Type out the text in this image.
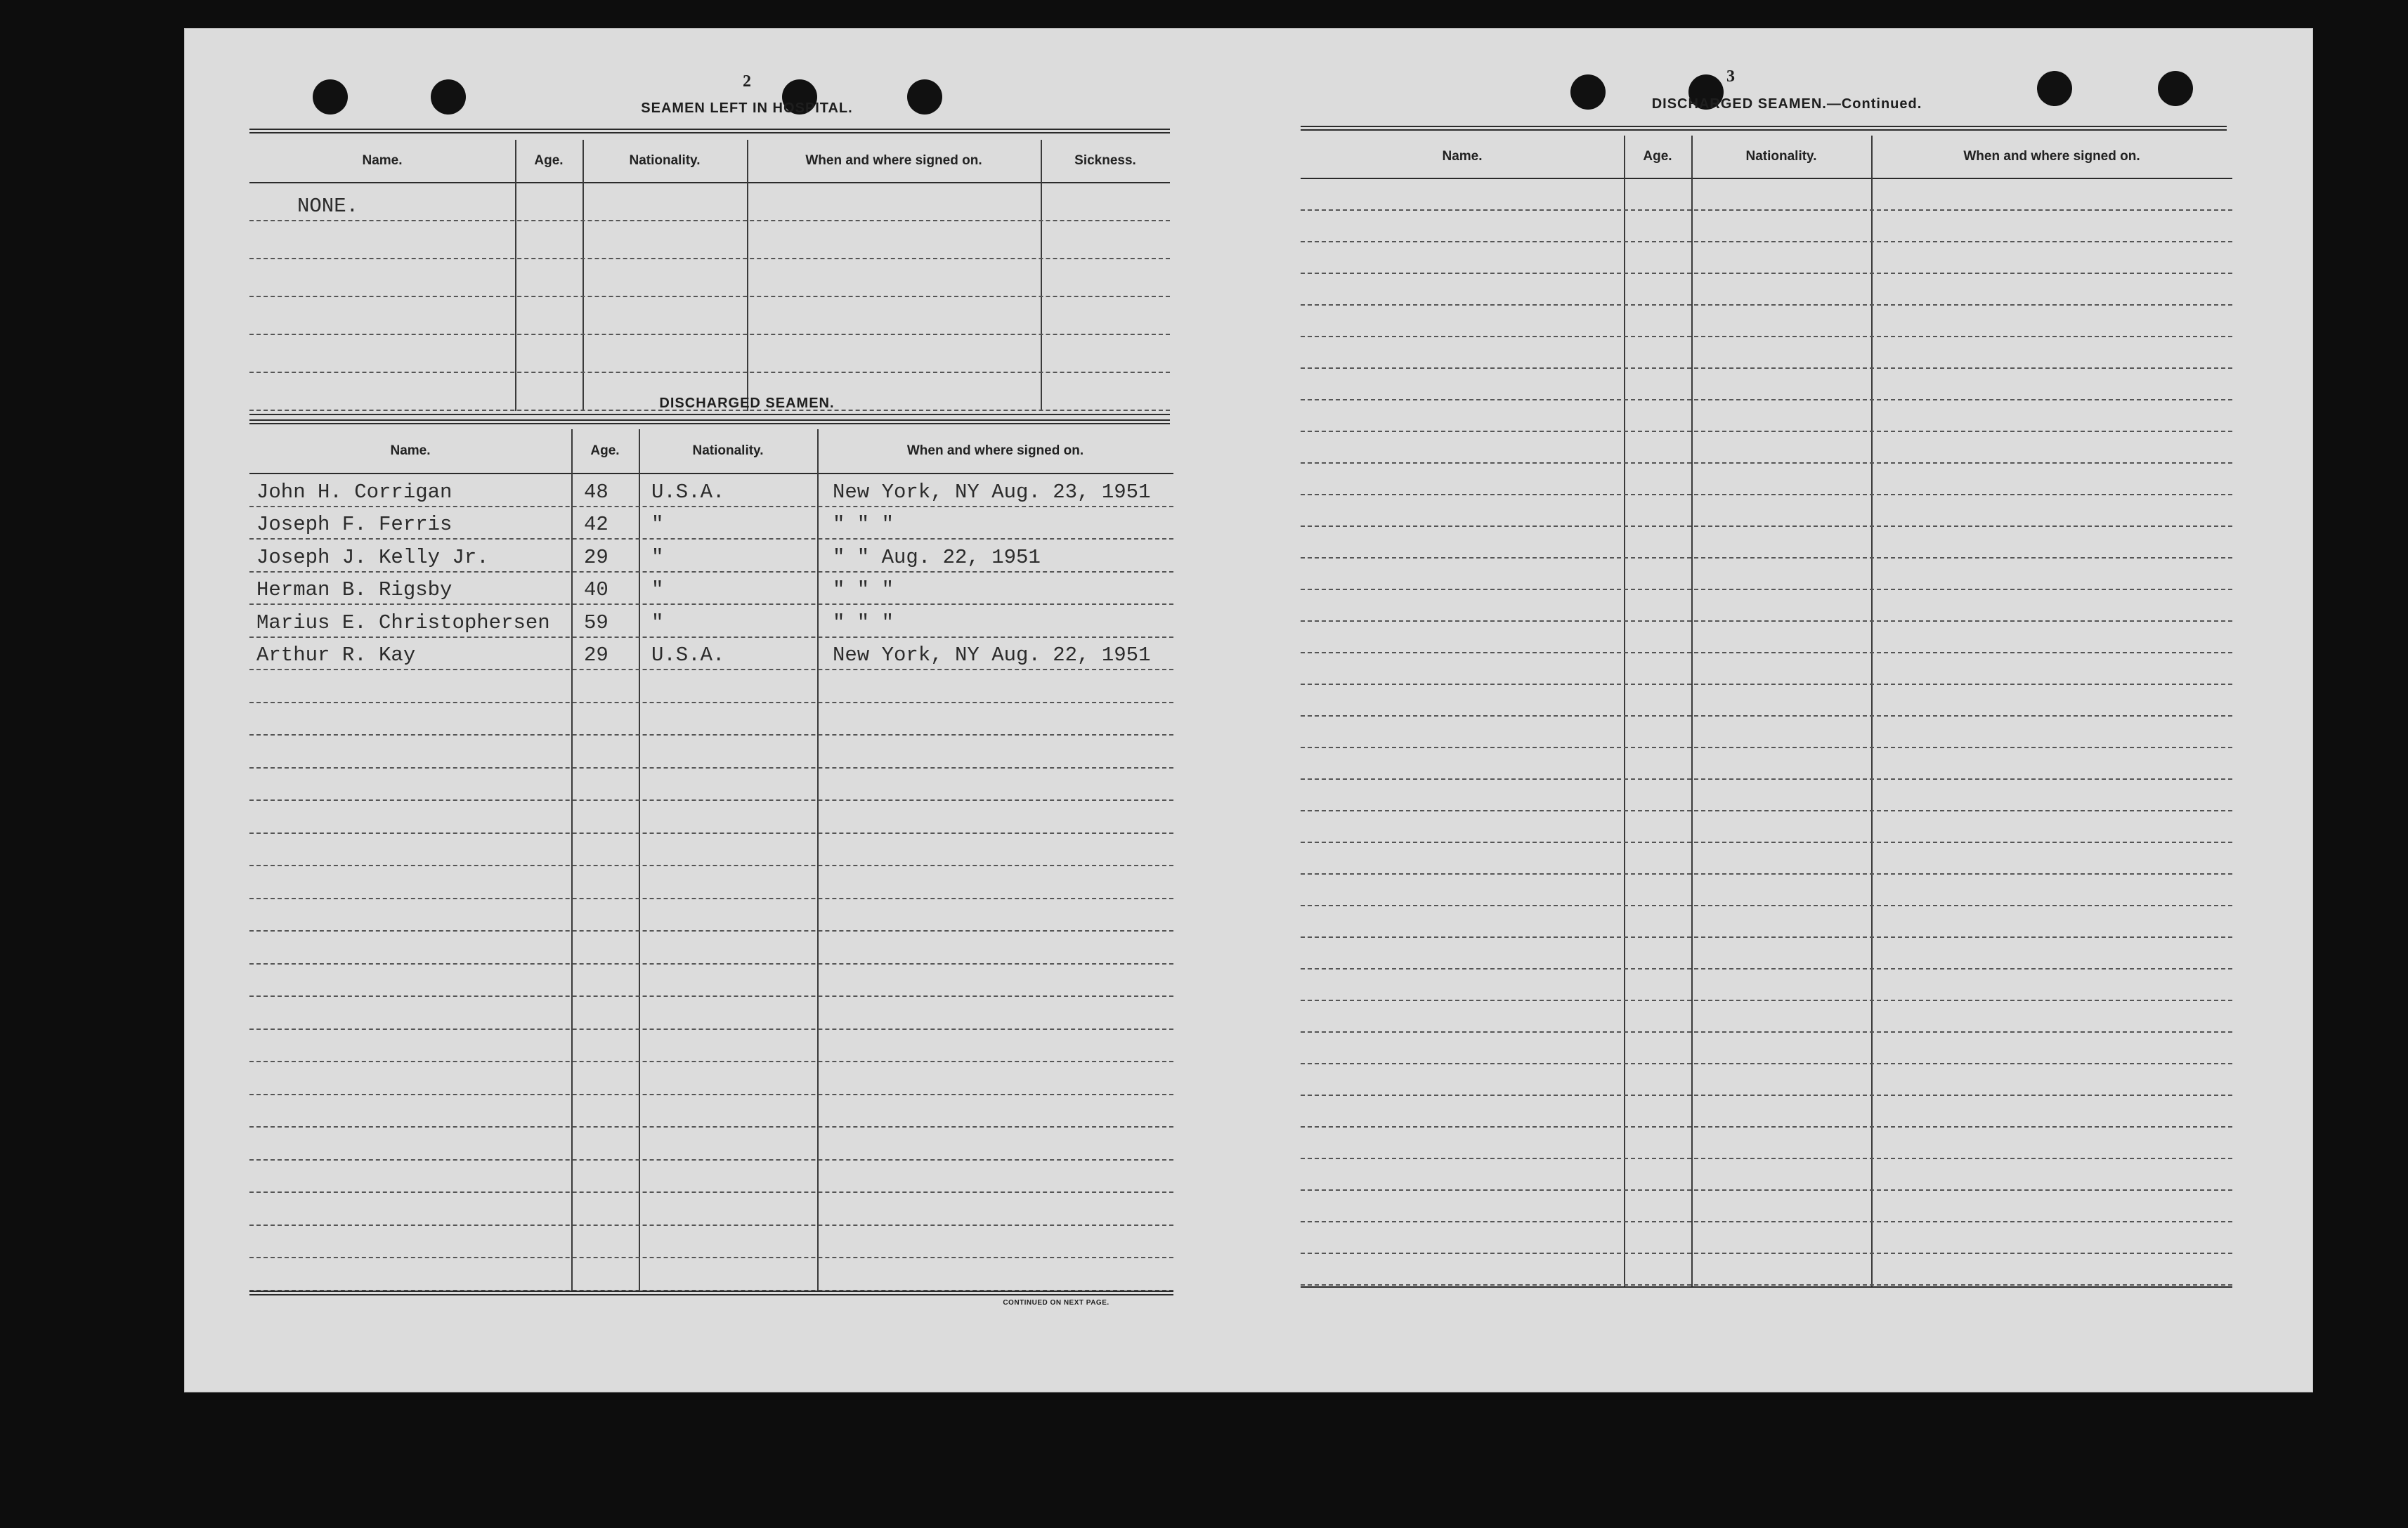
2
SEAMEN LEFT IN HOSPITAL.
Name.	Age.	Nationality.	When and where signed on.	Sickness.
NONE.
DISCHARGED SEAMEN.
Name.	Age.	Nationality.	When and where signed on.
John H. Corrigan	48 U.S.A.	New York, NY Aug. 23, 1951
Joseph F. Ferris	42 "	" " "
Joseph J. Kelly Jr.	29 "	" " Aug. 22, 1951
Herman B. Rigsby	40 "	" " "
Marius E. Christophersen 59 "	" " "
Arthur R. Kay	29 U.S.A.	New York, NY Aug. 22, 1951
CONTINUED ON NEXT PAGE.
3
DISCHARGED SEAMEN.—Continued.
Name.	Age.	Nationality.	When and where signed on.
